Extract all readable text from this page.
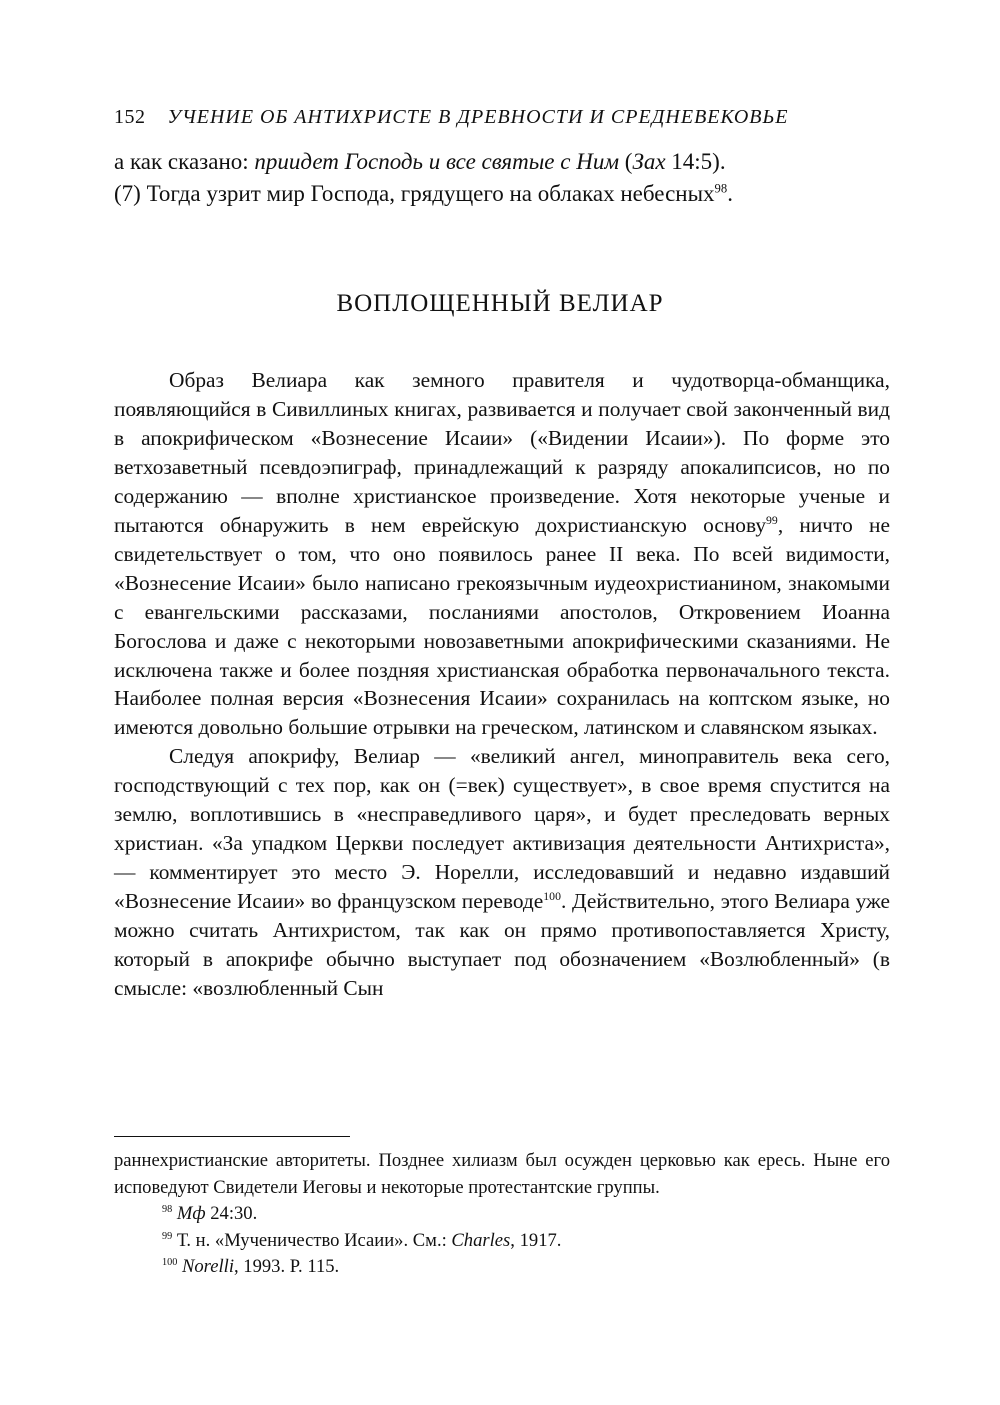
152 УЧЕНИЕ ОБ АНТИХРИСТЕ В ДРЕВНОСТИ И СРЕДНЕВЕКОВЬЕ
а как сказано: приидет Господь и все святые с Ним (Зах 14:5).
(7) Тогда узрит мир Господа, грядущего на облаках небесных$^{98}$.
ВОПЛОЩЕННЫЙ ВЕЛИАР

Образ Велиара как земного правителя и чудотворца-обманщика, появляющийся в Сивиллиных книгах, развивается и получает свой законченный вид в апокрифическом «Вознесение Исаии» («Видении Исаии»). По форме это ветхозаветный псевдоэпиграф, принадлежащий к разряду апокалипсисов, но по содержанию — вполне христианское произведение. Хотя некоторые ученые и пытаются обнаружить в нем еврейскую дохристианскую основу$^{99}$, ничто не свидетельствует о том, что оно появилось ранее II века. По всей видимости, «Вознесение Исаии» было написано грекоязычным иудеохристианином, знакомыми с евангельскими рассказами, посланиями апостолов, Откровением Иоанна Богослова и даже с некоторыми новозаветными апокрифическими сказаниями. Не исключена также и более поздняя христианская обработка первоначального текста. Наиболее полная версия «Вознесения Исаии» сохранилась на коптском языке, но имеются довольно большие отрывки на греческом, латинском и славянском языках.

Следуя апокрифу, Велиар — «великий ангел, миноправитель века сего, господствующий с тех пор, как он (=век) существует», в свое время спустится на землю, воплотившись в «несправедливого царя», и будет преследовать верных христиан. «За упадком Церкви последует активизация деятельности Антихриста», — комментирует это место Э. Норелли, исследовавший и недавно издавший «Вознесение Исаии» во французском переводе$^{100}$. Действительно, этого Велиара уже можно считать Антихристом, так как он прямо противопоставляется Христу, который в апокрифе обычно выступает под обозначением «Возлюбленный» (в смысле: «возлюбленный Сын

раннехристианские авторитеты. Позднее хилиазм был осужден церковью как ересь. Ныне его исповедуют Свидетели Иеговы и некоторые протестантские группы.

$^{98}$ Мф 24:30.

$^{99}$ Т. н. «Мученичество Исаии». См.: Charles, 1917.

$^{100}$ Norelli, 1993. P. 115.
